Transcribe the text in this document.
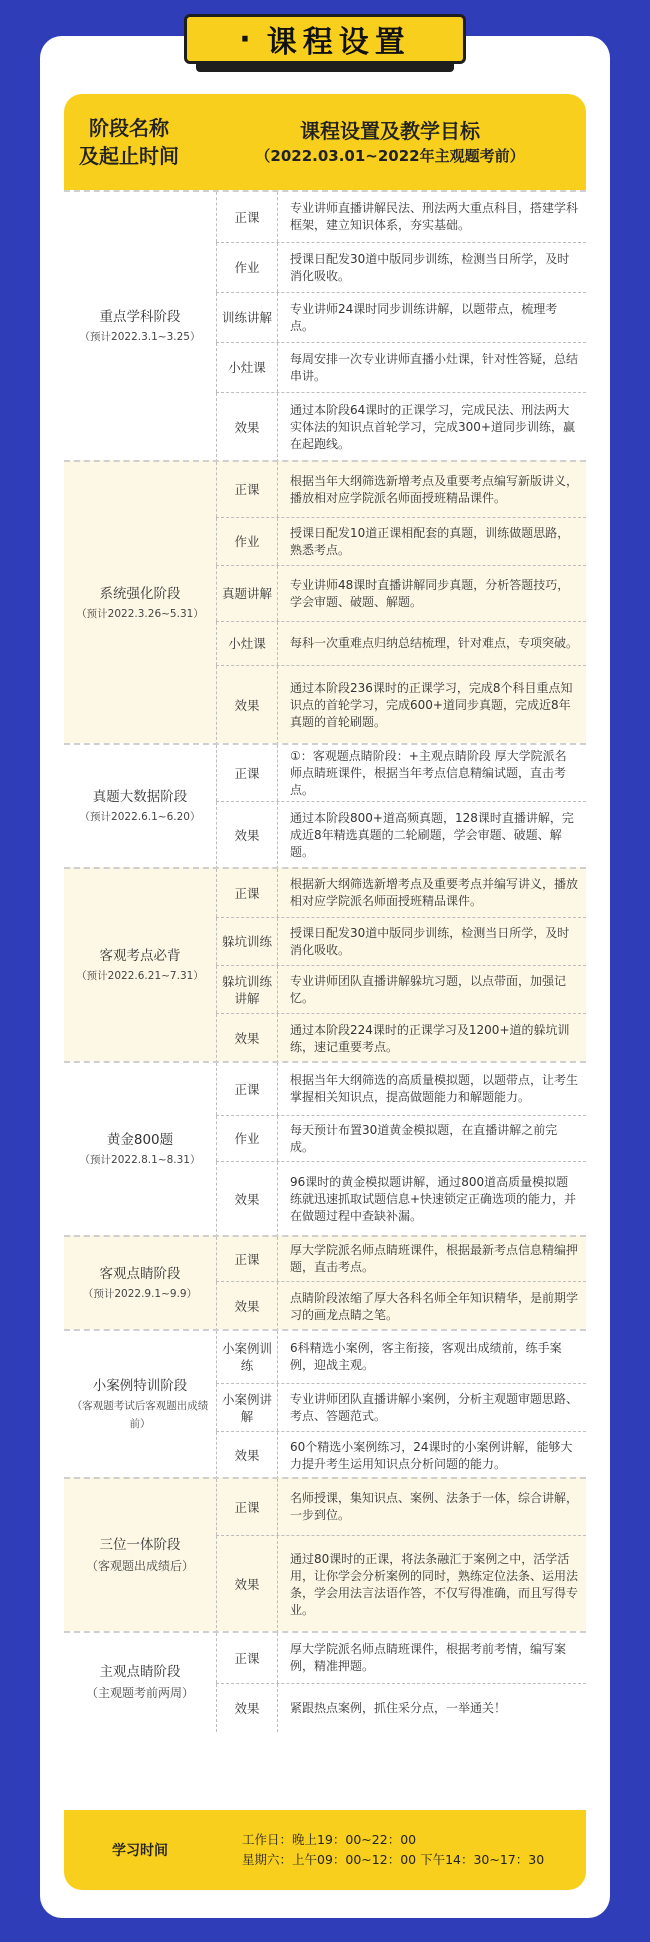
· 课程设置
阶段名称
及起止时间
课程设置及教学目标
（2022.03.01~2022年主观题考前）
重点学科阶段
（预计2022.3.1~3.25）
正课
专业讲师直播讲解民法、刑法两大重点科目，搭建学科框架，建立知识体系，夯实基础。
作业
授课日配发30道中版同步训练，检测当日所学，及时消化吸收。
训练讲解
专业讲师24课时同步训练讲解，以题带点，梳理考点。
小灶课
每周安排一次专业讲师直播小灶课，针对性答疑，总结串讲。
效果
通过本阶段64课时的正课学习，完成民法、刑法两大实体法的知识点首轮学习，完成300+道同步训练，赢在起跑线。
系统强化阶段
（预计2022.3.26~5.31）
正课
根据当年大纲筛选新增考点及重要考点编写新版讲义，播放相对应学院派名师面授班精品课件。
作业
授课日配发10道正课相配套的真题，训练做题思路，熟悉考点。
真题讲解
专业讲师48课时直播讲解同步真题，分析答题技巧，学会审题、破题、解题。
小灶课	每科一次重难点归纳总结梳理，针对难点，专项突破。
效果
通过本阶段236课时的正课学习，完成8个科目重点知识点的首轮学习，完成600+道同步真题，完成近8年真题的首轮刷题。
真题大数据阶段
（预计2022.6.1~6.20）
正课
①：客观题点睛阶段：+主观点睛阶段 厚大学院派名师点睛班课件，根据当年考点信息精编试题，直击考点。
效果
通过本阶段800+道高频真题，128课时直播讲解，完成近8年精选真题的二轮刷题，学会审题、破题、解题。
客观考点必背
（预计2022.6.21~7.31）
正课
根据新大纲筛选新增考点及重要考点并编写讲义，播放相对应学院派名师面授班精品课件。
躲坑训练
授课日配发30道中版同步训练，检测当日所学，及时消化吸收。
躲坑训练讲解
专业讲师团队直播讲解躲坑习题，以点带面，加强记忆。
效果
通过本阶段224课时的正课学习及1200+道的躲坑训练，速记重要考点。
黄金800题
（预计2022.8.1~8.31）
正课
根据当年大纲筛选的高质量模拟题，以题带点，让考生掌握相关知识点，提高做题能力和解题能力。
作业
每天预计布置30道黄金模拟题，在直播讲解之前完成。
效果
96课时的黄金模拟题讲解，通过800道高质量模拟题练就迅速抓取试题信息+快速锁定正确选项的能力，并在做题过程中查缺补漏。
客观点睛阶段
（预计2022.9.1~9.9）
正课
厚大学院派名师点睛班课件，根据最新考点信息精编押题，直击考点。
效果
点睛阶段浓缩了厚大各科名师全年知识精华，是前期学习的画龙点睛之笔。
小案例特训阶段
（客观题考试后客观题出成绩前）
小案例训练
6科精选小案例，客主衔接，客观出成绩前，练手案例，迎战主观。
小案例讲解
专业讲师团队直播讲解小案例，分析主观题审题思路、考点、答题范式。
效果
60个精选小案例练习，24课时的小案例讲解，能够大力提升考生运用知识点分析问题的能力。
三位一体阶段
（客观题出成绩后）
正课
名师授课，集知识点、案例、法条于一体，综合讲解，一步到位。
效果
通过80课时的正课，将法条融汇于案例之中，活学活用，让你学会分析案例的同时，熟练定位法条、运用法条，学会用法言法语作答，不仅写得准确，而且写得专业。
主观点睛阶段
（主观题考前两周）
正课
厚大学院派名师点睛班课件，根据考前考情，编写案例，精准押题。
效果	紧跟热点案例，抓住采分点，一举通关！
学习时间
工作日：晚上19：00~22：00
星期六：上午09：00~12：00 下午14：30~17：30
